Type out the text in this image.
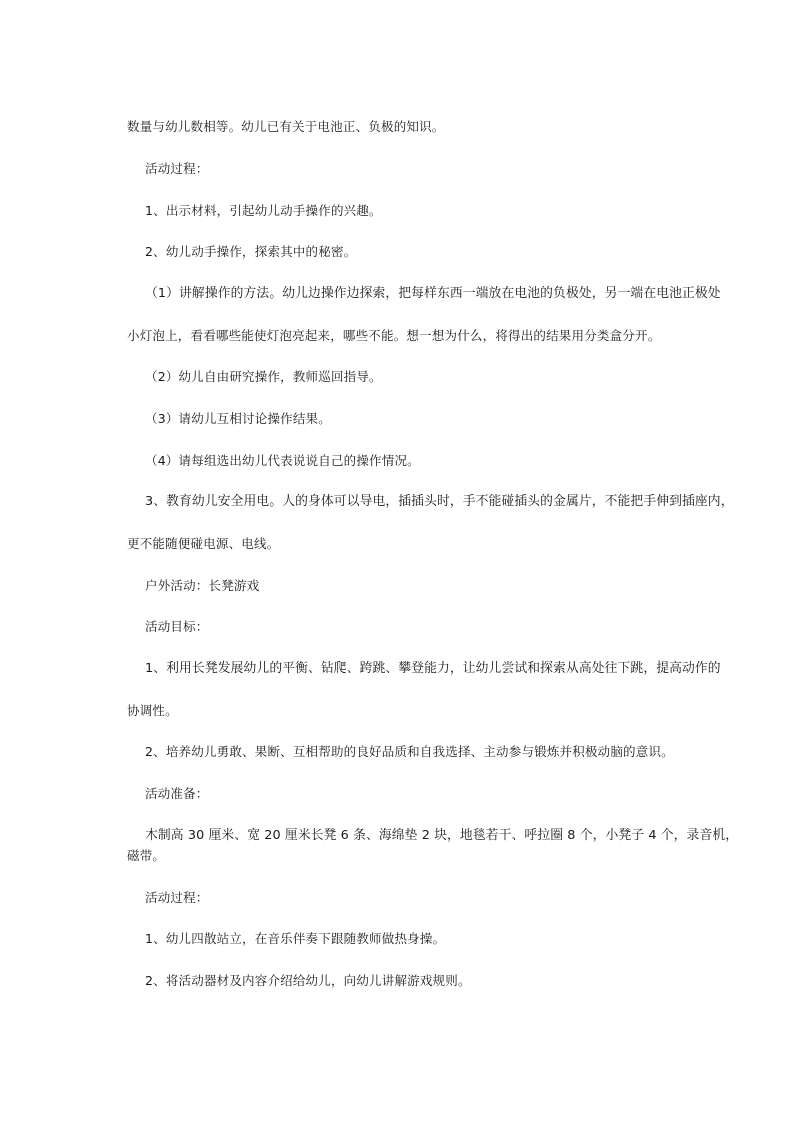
数量与幼儿数相等。幼儿已有关于电池正、负极的知识。
活动过程：
1、出示材料，引起幼儿动手操作的兴趣。
2、幼儿动手操作，探索其中的秘密。
（1）讲解操作的方法。幼儿边操作边探索，把每样东西一端放在电池的负极处，另一端在电池正极处
小灯泡上，看看哪些能使灯泡亮起来，哪些不能。想一想为什么，将得出的结果用分类盒分开。
（2）幼儿自由研究操作，教师巡回指导。
（3）请幼儿互相讨论操作结果。
（4）请每组选出幼儿代表说说自己的操作情况。
3、教育幼儿安全用电。人的身体可以导电，插插头时，手不能碰插头的金属片，不能把手伸到插座内，
更不能随便碰电源、电线。
户外活动：长凳游戏
活动目标：
1、利用长凳发展幼儿的平衡、钻爬、跨跳、攀登能力，让幼儿尝试和探索从高处往下跳，提高动作的
协调性。
2、培养幼儿勇敢、果断、互相帮助的良好品质和自我选择、主动参与锻炼并积极动脑的意识。
活动准备：
木制高 30 厘米、宽 20 厘米长凳 6 条、海绵垫 2 块，地毯若干、呼拉圈 8 个，小凳子 4 个，录音机，
磁带。
活动过程：
1、幼儿四散站立，在音乐伴奏下跟随教师做热身操。
2、将活动器材及内容介绍给幼儿，向幼儿讲解游戏规则。
